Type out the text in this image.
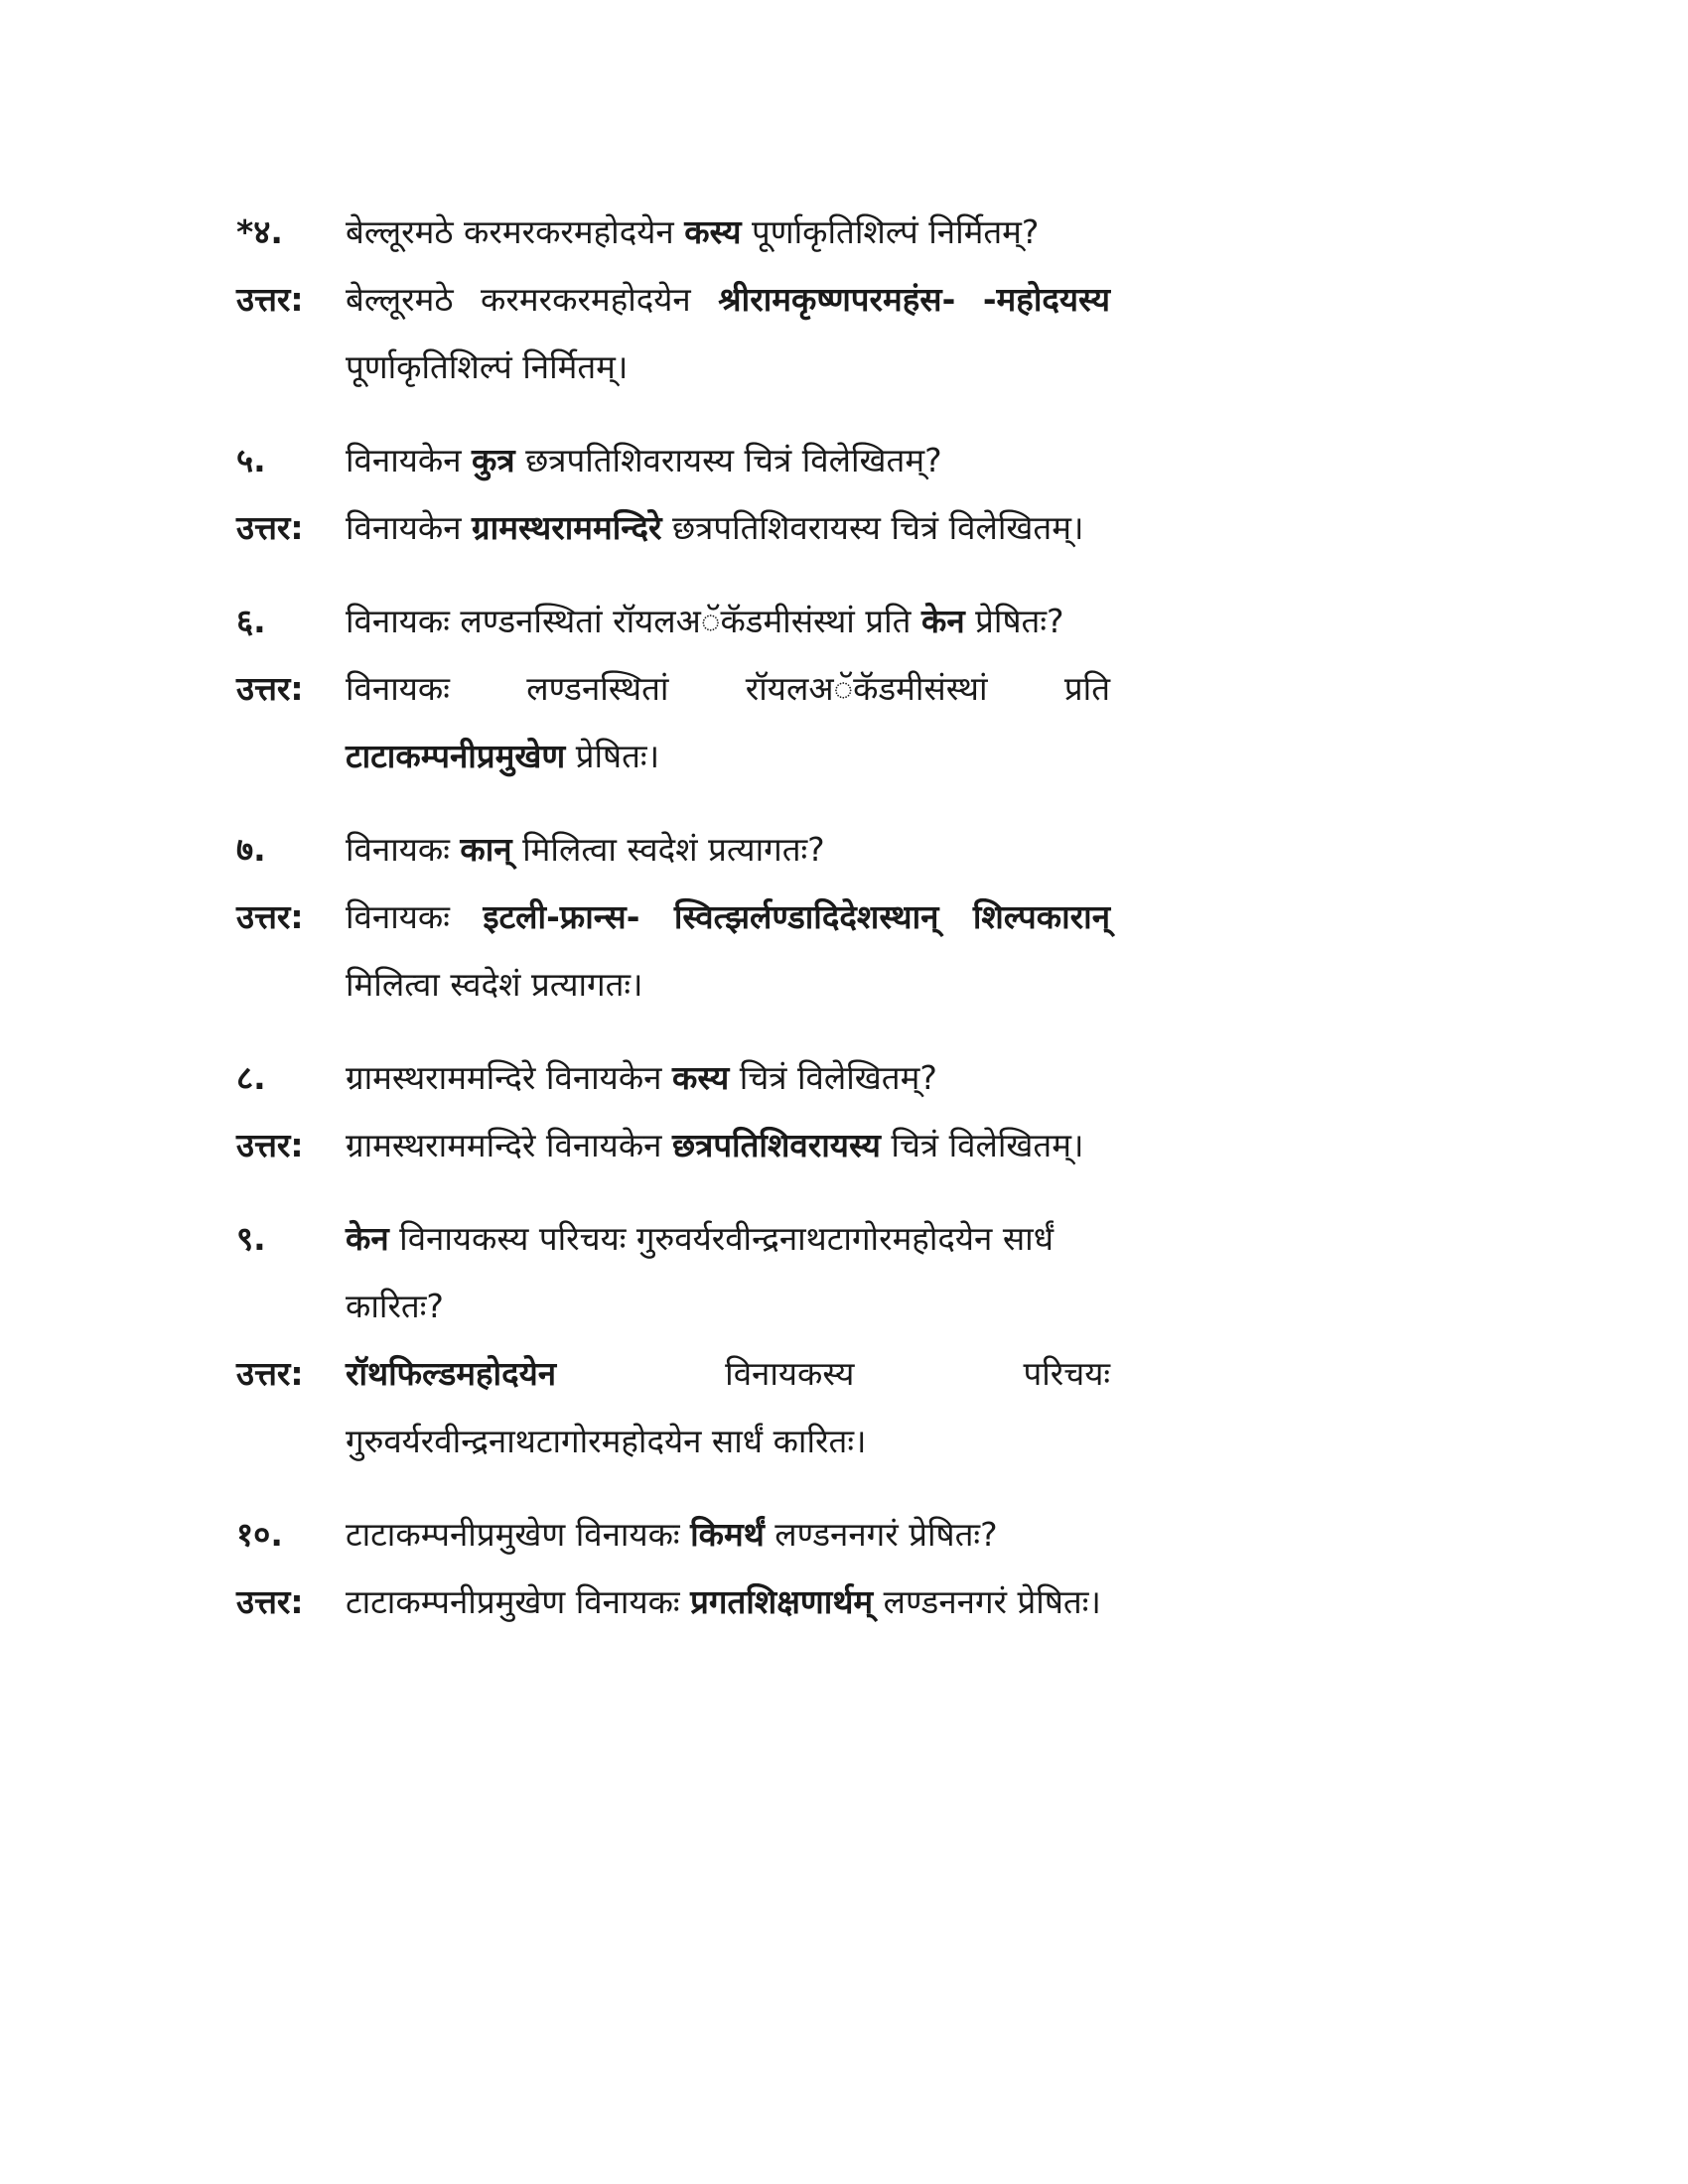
*४.	बेल्लूरमठे करमरकरमहोदयेन कस्य पूर्णाकृतिशिल्पं निर्मितम्?
उत्तर:	बेल्लूरमठे करमरकरमहोदयेन श्रीरामकृष्णपरमहंस- -महोदयस्य पूर्णाकृतिशिल्पं निर्मितम्।
५.	विनायकेन कुत्र छत्रपतिशिवरायस्य चित्रं विलेखितम्?
उत्तर:	विनायकेन ग्रामस्थराममन्दिरे छत्रपतिशिवरायस्य चित्रं विलेखितम्।
६.	विनायकः लण्डनस्थितां रॉयलअॅकॅडमीसंस्थां प्रति केन प्रेषितः?
उत्तर:	विनायकः लण्डनस्थितां रॉयलअॅकॅडमीसंस्थां प्रति टाटाकम्पनीप्रमुखेण प्रेषितः।
७.	विनायकः कान् मिलित्वा स्वदेशं प्रत्यागतः?
उत्तर:	विनायकः इटली-फ्रान्स- स्वित्झर्लण्डादिदेशस्थान् शिल्पकारान् मिलित्वा स्वदेशं प्रत्यागतः।
८.	ग्रामस्थराममन्दिरे विनायकेन कस्य चित्रं विलेखितम्?
उत्तर:	ग्रामस्थराममन्दिरे विनायकेन छत्रपतिशिवरायस्य चित्रं विलेखितम्।
९.	केन विनायकस्य परिचयः गुरुवर्यरवीन्द्रनाथटागोरमहोदयेन सार्धं कारितः?
उत्तर:	रॉथफिल्डमहोदयेन विनायकस्य परिचयः गुरुवर्यरवीन्द्रनाथटागोरमहोदयेन सार्धं कारितः।
१०.	टाटाकम्पनीप्रमुखेण विनायकः किमर्थं लण्डननगरं प्रेषितः?
उत्तर:	टाटाकम्पनीप्रमुखेण विनायकः प्रगतशिक्षणार्थम् लण्डननगरं प्रेषितः।
